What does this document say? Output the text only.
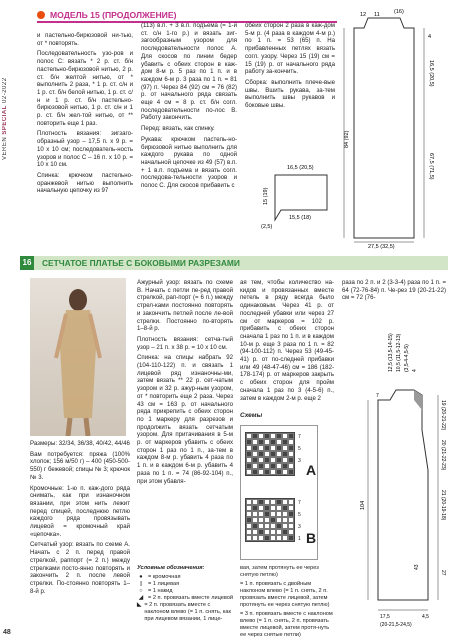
VEREN SPECIAL 02-2022
48
МОДЕЛЬ 15 (ПРОДОЛЖЕНИЕ)

и пастельно-бирюзовой ни-тью, от * повторять.

Последовательность узо-ров и полос С: вязать * 2 р. ст. б/н пастельно-бирюзовой нитью, 2 р. ст. б/н желтой нитью, от * выполнить 2 раза, * 1 р. ст. с/н и 1 р. ст. б/н белой нитью, 1 р. ст. с/н и 1 р. ст. б/н пастельно-бирюзовой нитью, 1 р. ст. с/н и 1 р. ст. б/н жел-той нитью, от ** повторить еще 1 раз.

Плотность вязания: зигзаго-образный узор – 17,5 п. x 9 р. = 10 x 10 см; последователь-ность узоров и полос С – 16 п. x 10 р. = 10 x 10 см.

Спинка: крючком пастельно-оранжевой нитью выполнить начальную цепочку из 97

(113) в.п. + 3 в.п. подъема (= 1-й ст. с/н 1-го р.) и вязать зиг-загообразным узором для последовательности полос А. Для скосов по линии бедер убавить с обеих сторон в каж-дом 8-м р. 5 раз по 1 п. и в каждом 6-м р. 3 раза по 1 п. = 81 (97) п. Через 84 (92) см = 76 (82) р. от начального ряда связать еще 4 см = 8 р. ст. б/н согл. последовательности по-лос В. Работу закончить.

Перед: вязать, как спинку.

Рукава: крючком пастель-но-бирюзовой нитью выполнить для каждого рукава по одной начальной цепочке из 49 (57) в.п. + 1 в.п. подъема и вязать согл. последова-тельности узоров и полос С. Для скосов прибавить с

обеих сторон 2 раза в каж-дом 5-м р. (4 раза в каждом 4-м р.) по 1 п. = 53 (65) п. На прибавленных петлях вязать согл. узору. Через 15 (19) см = 15 (19) р. от начального ряда работу за-кончить.

Сборка: выполнить плече-вые швы. Вшить рукава, за-тем выполнить швы рукавов и боковые швы.

12 11	(16)
4
16,5 (20,5)
67,5 (71,5)
84 (92)
27,5 (32,5)
16,5 (20,5)
15 (19)
15,5 (18)
(2,5)
16	СЕТЧАТОЕ ПЛАТЬЕ С БОКОВЫМИ РАЗРЕЗАМИ

Размеры: 32/34, 36/38, 40/42, 44/46

Вам потребуется: пряжа (100% хлопок; 156 м/50 г) – 400 (450-500-550) г бежевой; спицы № 3; крючок № 3.

Кромочные: 1-ю п. каж-дого ряда снимать, как при изнаночном вязании, при этом нить лежит перед спицей, последнюю петлю каждого ряда провязывать лицевой = кромочный край «цепочка».

Сетчатый узор: вязать по схеме А. Начать с 2 п. перед правой стрелкой, раппорт (= 2 п.) между стрелками посто-янно повторять и закончить 2 п. после левой стрелки. По-стоянно повторять 1–8-й р.

Ажурный узор: вязать по схеме В. Начать с петли пе-ред правой стрелкой, рап-порт (= 6 п.) между стрел-ками постоянно повторять и закончить петлей после ле-вой стрелки. Постоянно по-вторять 1–8-й р.

Плотность вязания: сетча-тый узор – 21 п. x 38 р. = 10 x 10 см.

Спинка: на спицы набрать 92 (104-110-122) п. и связать 1 лицевой ряд изнаночны-ми, затем вязать ** 22 р. сет-чатым узором и 32 р. ажур-ным узором, от * повторить еще 2 раза. Через 43 см = 163 р. от начального ряда прикрепить с обеих сторон по 1 маркеру для разрезов и продолжить вязать сетчатым узором. Для притачивания в 5-м р. от маркеров убавить с обеих сторон 1 раз по 1 п., за-тем в каждом 8-м р. убавить 4 раза по 1 п. и в каждом 6-м р. убавить 4 раза по 1 п. = 74 (86-92-104) п., при этом убавля-

ая тем, чтобы количество на-кидов и провязанных вместе петель в ряду всегда было одинаковым. Через 41 р. от последней убавки или через 27 см от маркеров = 102 р. прибавить с обеих сторон сначала 1 раз по 1 п. и в каждом 10-м р. еще 3 раза по 1 п. = 82 (94-100-112) п. Через 53 (49-45-41) р. от по-следней прибавки или 49 (48-47-46) см = 186 (182-178-174) р. от маркеров закрыть с обеих сторон для пройм сначала 1 раз по 3 (4-5-6) п., затем в каждом 2-м р. еще 2

раза по 2 п. и 2 (3-3-4) раза по 1 п. = 64 (72-76-84) п. Че-рез 19 (20-21-22) см = 72 (76-

Схемы
7
5
3
7
5
3
1
A
B
Условные обозначения:
● = кромочная
|	= 1 лицевая
○ = 1 накид
◢ = 2 п. провязать вместе лицевой
◣ = 2 п. провязать вместе с наклоном влево (= 1 п. снять, как при лицевом вязании, 1 лице-
вая, затем протянуть ее через снятую петлю)
= 1 п. провязать с двойным наклоном влево (= 1 п. снять, 2 п. провязать вместе лицевой, затем протянуть ее через снятую петлю)
= 3 п. провязать вместе с наклоном влево (= 1 п. снять, 2 п. провязать вместе лицевой, затем протя-нуть ее через снятые петли)
12,5 (13,5-14-15) 10,5 (11,5-12-13) (3,5-4-4,5-5) 4
7
19 (20-21-22)
20 (21-22-23)
21 (20-19-18)
104
27
43
17,5	4,5
(20-21,5-24,5)
